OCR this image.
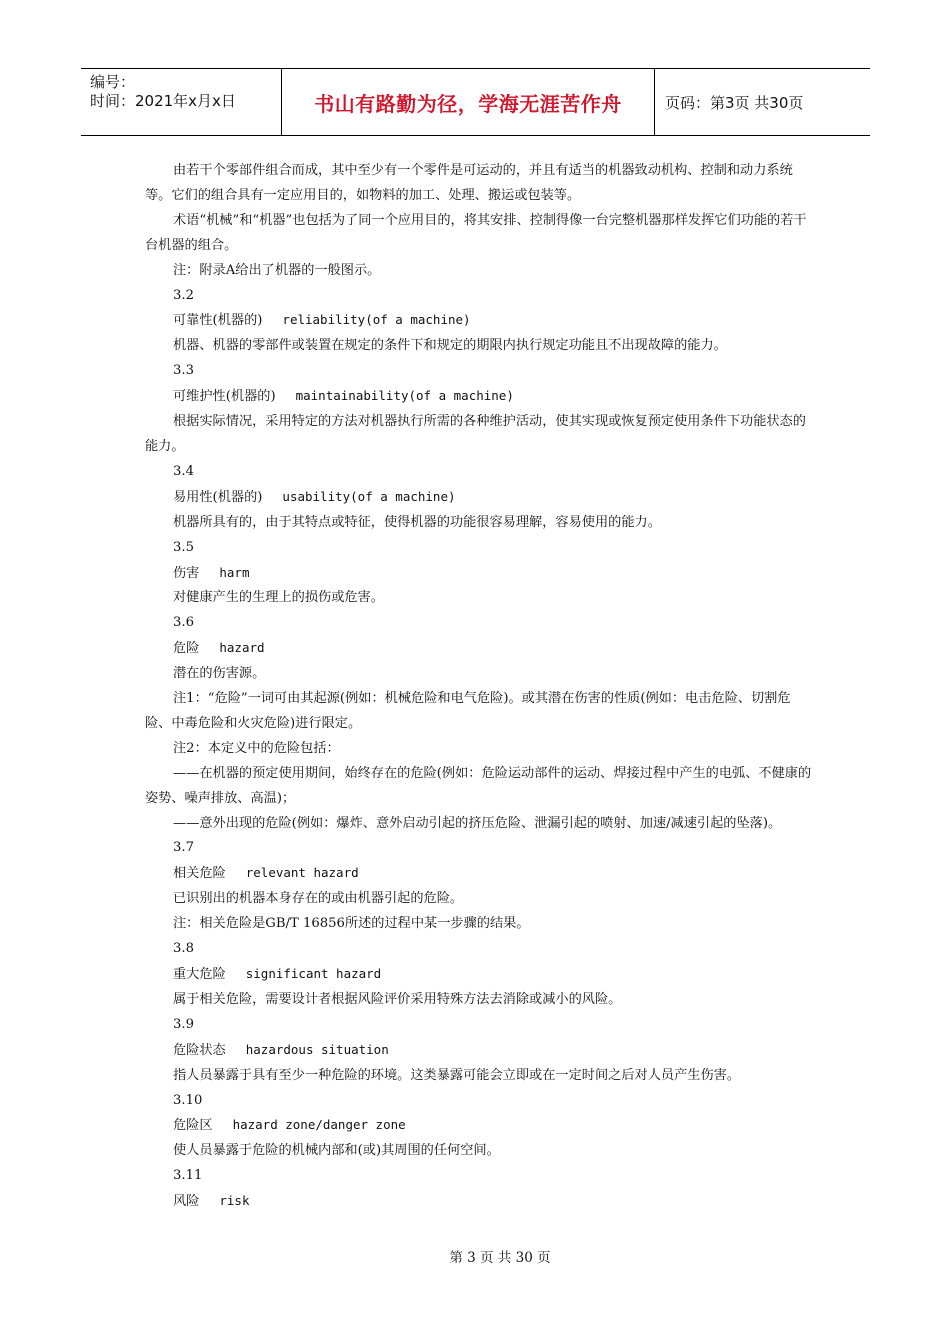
编号：
时间：2021年x月x日	书山有路勤为径，学海无涯苦作舟	页码：第3页 共30页

由若干个零部件组合而成，其中至少有一个零件是可运动的，并且有适当的机器致动机构、控制和动力系统等。它们的组合具有一定应用目的，如物料的加工、处理、搬运或包装等。

术语“机械”和“机器”也包括为了同一个应用目的，将其安排、控制得像一台完整机器那样发挥它们功能的若干台机器的组合。

注：附录A给出了机器的一般图示。

3.2

可靠性(机器的) reliability(of a machine)

机器、机器的零部件或装置在规定的条件下和规定的期限内执行规定功能且不出现故障的能力。

3.3

可维护性(机器的) maintainability(of a machine)

根据实际情况，采用特定的方法对机器执行所需的各种维护活动，使其实现或恢复预定使用条件下功能状态的能力。

3.4

易用性(机器的) usability(of a machine)

机器所具有的，由于其特点或特征，使得机器的功能很容易理解，容易使用的能力。

3.5

伤害 harm

对健康产生的生理上的损伤或危害。

3.6

危险 hazard

潜在的伤害源。

注1：“危险”一词可由其起源(例如：机械危险和电气危险)。或其潜在伤害的性质(例如：电击危险、切割危险、中毒危险和火灾危险)进行限定。

注2：本定义中的危险包括：

——在机器的预定使用期间，始终存在的危险(例如：危险运动部件的运动、焊接过程中产生的电弧、不健康的姿势、噪声排放、高温)；

——意外出现的危险(例如：爆炸、意外启动引起的挤压危险、泄漏引起的喷射、加速/减速引起的坠落)。

3.7

相关危险 relevant hazard

已识别出的机器本身存在的或由机器引起的危险。

注：相关危险是GB/T 16856所述的过程中某一步骤的结果。

3.8

重大危险 significant hazard

属于相关危险，需要设计者根据风险评价采用特殊方法去消除或减小的风险。

3.9

危险状态 hazardous situation

指人员暴露于具有至少一种危险的环境。这类暴露可能会立即或在一定时间之后对人员产生伤害。

3.10

危险区 hazard zone/danger zone

使人员暴露于危险的机械内部和(或)其周围的任何空间。

3.11

风险 risk

第 3 页 共 30 页
